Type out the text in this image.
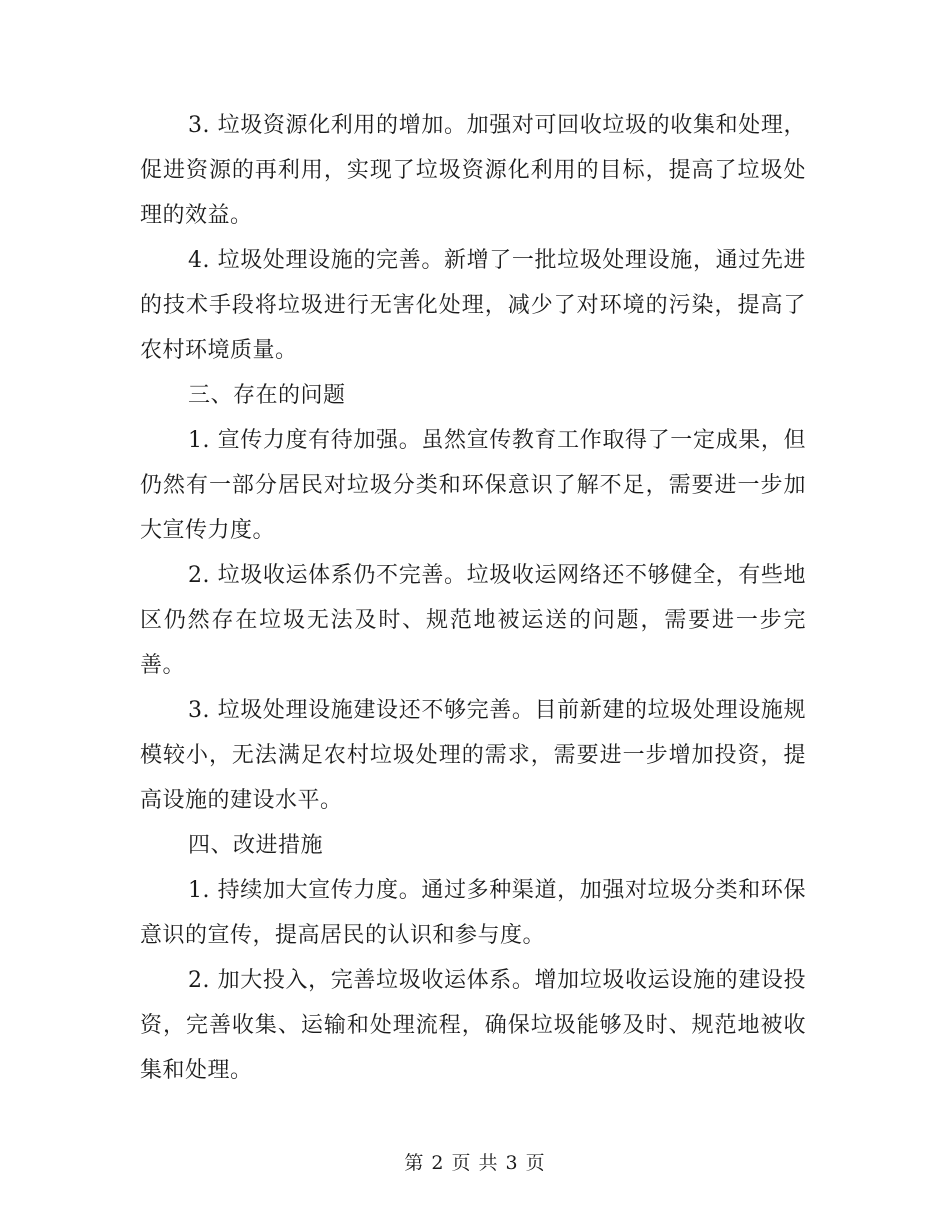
3. 垃圾资源化利用的增加。加强对可回收垃圾的收集和处理，促进资源的再利用，实现了垃圾资源化利用的目标，提高了垃圾处理的效益。

4. 垃圾处理设施的完善。新增了一批垃圾处理设施，通过先进的技术手段将垃圾进行无害化处理，减少了对环境的污染，提高了农村环境质量。

三、存在的问题

1. 宣传力度有待加强。虽然宣传教育工作取得了一定成果，但仍然有一部分居民对垃圾分类和环保意识了解不足，需要进一步加大宣传力度。

2. 垃圾收运体系仍不完善。垃圾收运网络还不够健全，有些地区仍然存在垃圾无法及时、规范地被运送的问题，需要进一步完善。

3. 垃圾处理设施建设还不够完善。目前新建的垃圾处理设施规模较小，无法满足农村垃圾处理的需求，需要进一步增加投资，提高设施的建设水平。

四、改进措施

1. 持续加大宣传力度。通过多种渠道，加强对垃圾分类和环保意识的宣传，提高居民的认识和参与度。

2. 加大投入，完善垃圾收运体系。增加垃圾收运设施的建设投资，完善收集、运输和处理流程，确保垃圾能够及时、规范地被收集和处理。

第 2 页 共 3 页
